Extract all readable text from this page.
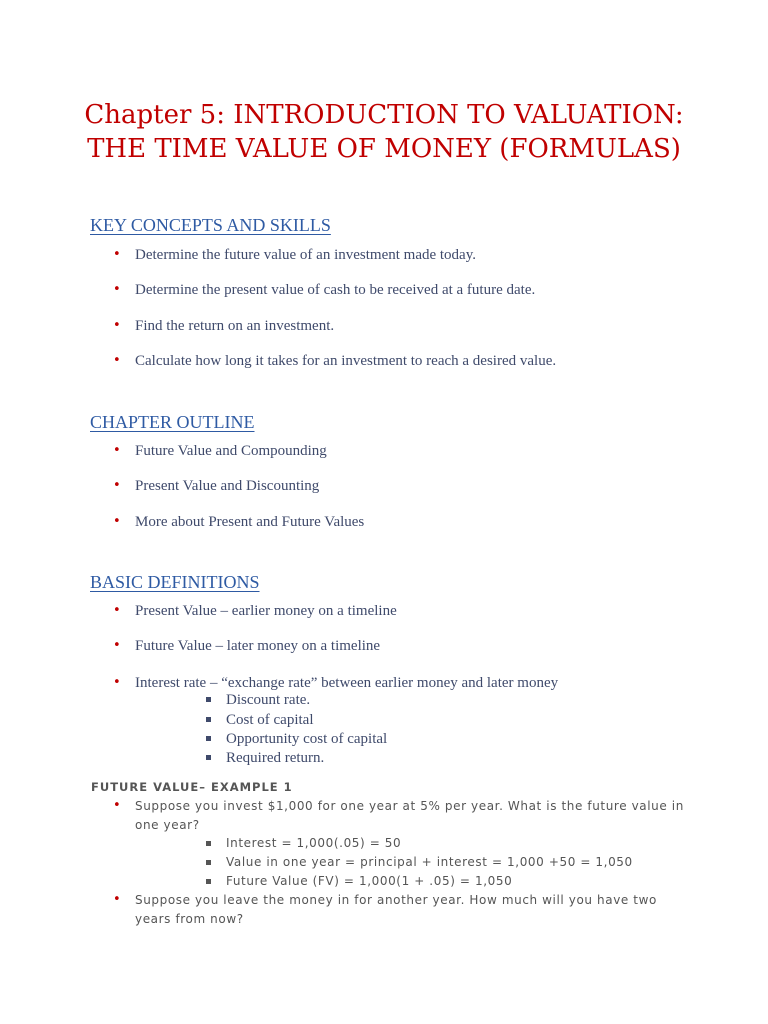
Chapter 5: INTRODUCTION TO VALUATION: THE TIME VALUE OF MONEY (FORMULAS)
KEY CONCEPTS AND SKILLS
• Determine the future value of an investment made today.
• Determine the present value of cash to be received at a future date.
• Find the return on an investment.
• Calculate how long it takes for an investment to reach a desired value.
CHAPTER OUTLINE
• Future Value and Compounding
• Present Value and Discounting
• More about Present and Future Values
BASIC DEFINITIONS
• Present Value – earlier money on a timeline
• Future Value – later money on a timeline
• Interest rate – “exchange rate” between earlier money and later money
Discount rate.
Cost of capital
Opportunity cost of capital
Required return.
FUTURE VALUE– EXAMPLE 1
• Suppose you invest $1,000 for one year at 5% per year. What is the future value in one year?
Interest = 1,000(.05) = 50
Value in one year = principal + interest = 1,000 +50 = 1,050
Future Value (FV) = 1,000(1 + .05) = 1,050
• Suppose you leave the money in for another year. How much will you have two years from now?
